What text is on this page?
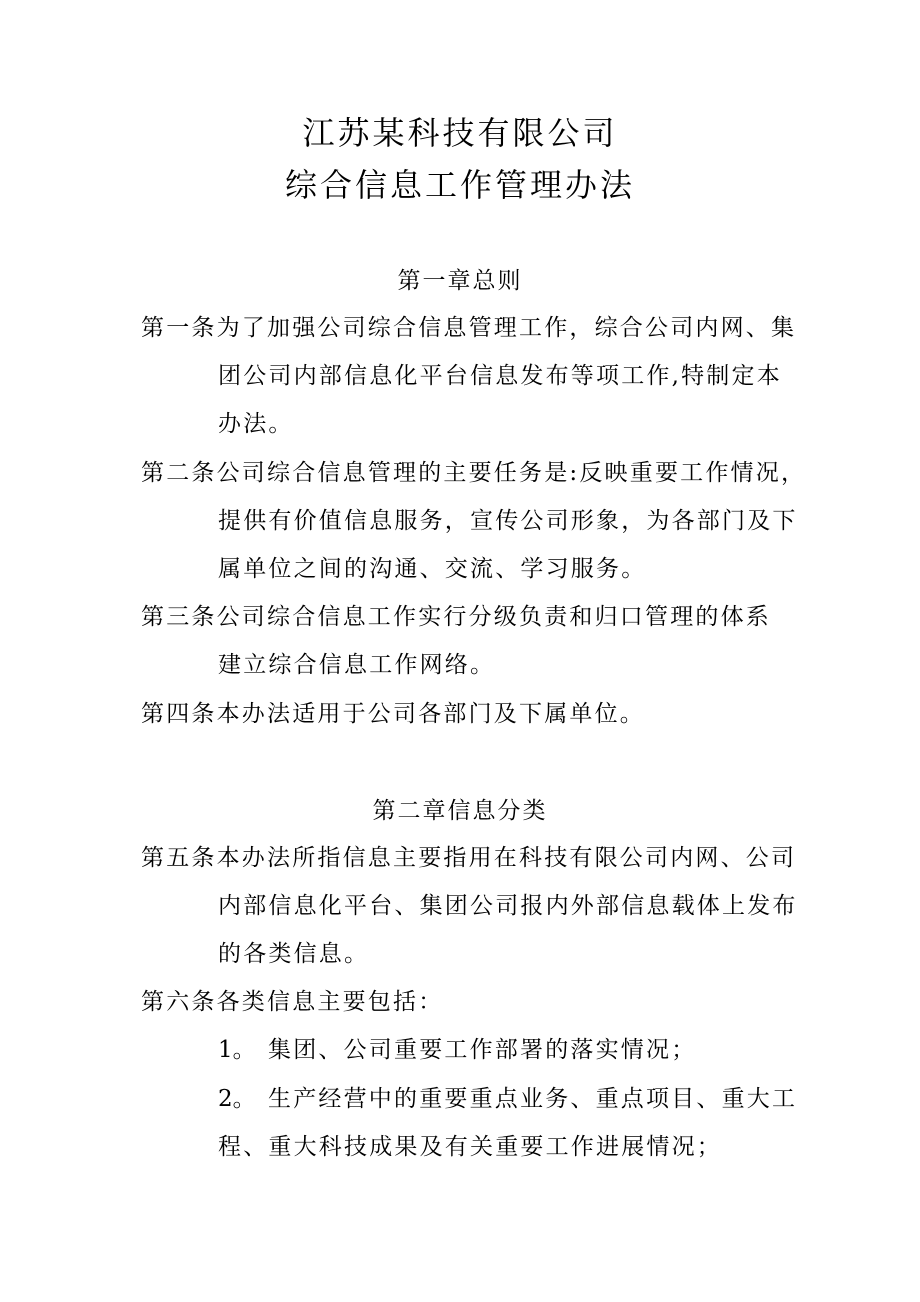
江苏某科技有限公司
综合信息工作管理办法
第一章总则
第一条为了加强公司综合信息管理工作，综合公司内网、集
团公司内部信息化平台信息发布等项工作,特制定本
办法。
第二条公司综合信息管理的主要任务是:反映重要工作情况，
提供有价值信息服务，宣传公司形象，为各部门及下
属单位之间的沟通、交流、学习服务。
第三条公司综合信息工作实行分级负责和归口管理的体系
建立综合信息工作网络。
第四条本办法适用于公司各部门及下属单位。
第二章信息分类
第五条本办法所指信息主要指用在科技有限公司内网、公司
内部信息化平台、集团公司报内外部信息载体上发布
的各类信息。
第六条各类信息主要包括：
1。 集团、公司重要工作部署的落实情况；
2。 生产经营中的重要重点业务、重点项目、重大工
程、重大科技成果及有关重要工作进展情况；
